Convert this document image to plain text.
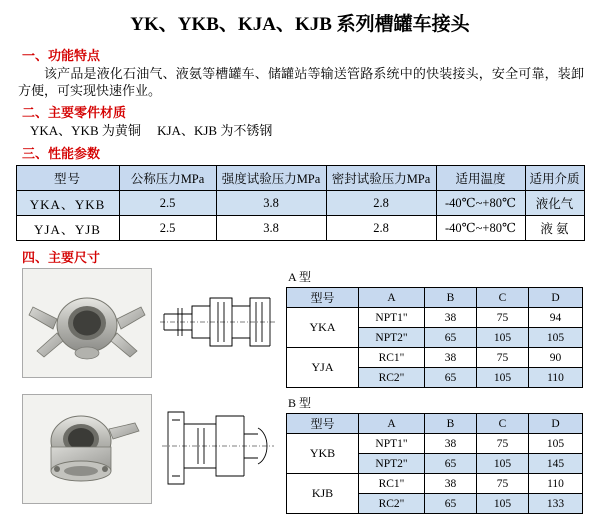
YK、YKB、KJA、KJB 系列槽罐车接头
一、功能特点
该产品是液化石油气、液氨等槽罐车、储罐站等输送管路系统中的快装接头，安全可靠，装卸方便，可实现快速作业。
二、主要零件材质
YKA、YKB 为黄铜     KJA、KJB 为不锈钢
三、性能参数
型号	公称压力MPa	强度试验压力MPa	密封试验压力MPa	适用温度	适用介质
YKA、YKB	2.5	3.8	2.8	-40℃~+80℃	液化气
YJA、YJB	2.5	3.8	2.8	-40℃~+80℃	液 氨
四、主要尺寸
A 型
型号	A	B	C	D
YKA	NPT1"	38	75	94
	NPT2"	65	105	105
YJA	RC1"	38	75	90
	RC2"	65	105	110
B 型
型号	A	B	C	D
YKB	NPT1"	38	75	105
	NPT2"	65	105	145
KJB	RC1"	38	75	110
	RC2"	65	105	133
